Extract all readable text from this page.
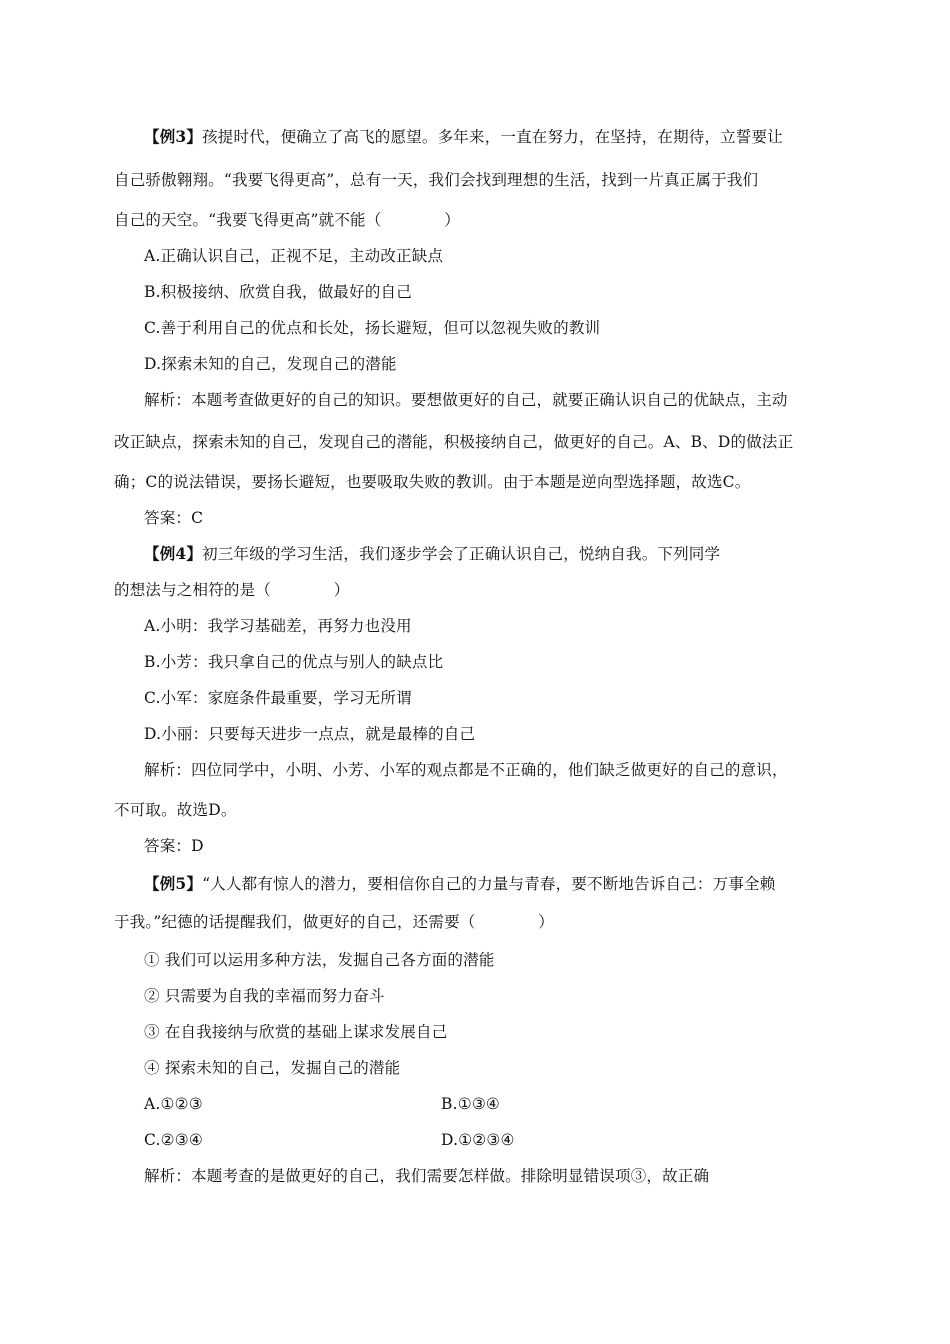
【例3】孩提时代，便确立了高飞的愿望。多年来，一直在努力，在坚持，在期待，立誓要让
自己骄傲翱翔。“我要飞得更高”，总有一天，我们会找到理想的生活，找到一片真正属于我们
自己的天空。“我要飞得更高”就不能（　　　　）
A.正确认识自己，正视不足，主动改正缺点
B.积极接纳、欣赏自我，做最好的自己
C.善于利用自己的优点和长处，扬长避短，但可以忽视失败的教训
D.探索未知的自己，发现自己的潜能
解析：本题考查做更好的自己的知识。要想做更好的自己，就要正确认识自己的优缺点，主动
改正缺点，探索未知的自己，发现自己的潜能，积极接纳自己，做更好的自己。A、B、D的做法正
确；C的说法错误，要扬长避短，也要吸取失败的教训。由于本题是逆向型选择题，故选C。
答案：C
【例4】初三年级的学习生活，我们逐步学会了正确认识自己，悦纳自我。下列同学
的想法与之相符的是（　　　　）
A.小明：我学习基础差，再努力也没用
B.小芳：我只拿自己的优点与别人的缺点比
C.小军：家庭条件最重要，学习无所谓
D.小丽：只要每天进步一点点，就是最棒的自己
解析：四位同学中，小明、小芳、小军的观点都是不正确的，他们缺乏做更好的自己的意识，
不可取。故选D。
答案：D
【例5】“人人都有惊人的潜力，要相信你自己的力量与青春，要不断地告诉自己：万事全赖
于我。”纪德的话提醒我们，做更好的自己，还需要（　　　　）
① 我们可以运用多种方法，发掘自己各方面的潜能
② 只需要为自我的幸福而努力奋斗
③ 在自我接纳与欣赏的基础上谋求发展自己
④ 探索未知的自己，发掘自己的潜能
A.①②③	B.①③④
C.②③④	D.①②③④
解析：本题考查的是做更好的自己，我们需要怎样做。排除明显错误项③，故正确
